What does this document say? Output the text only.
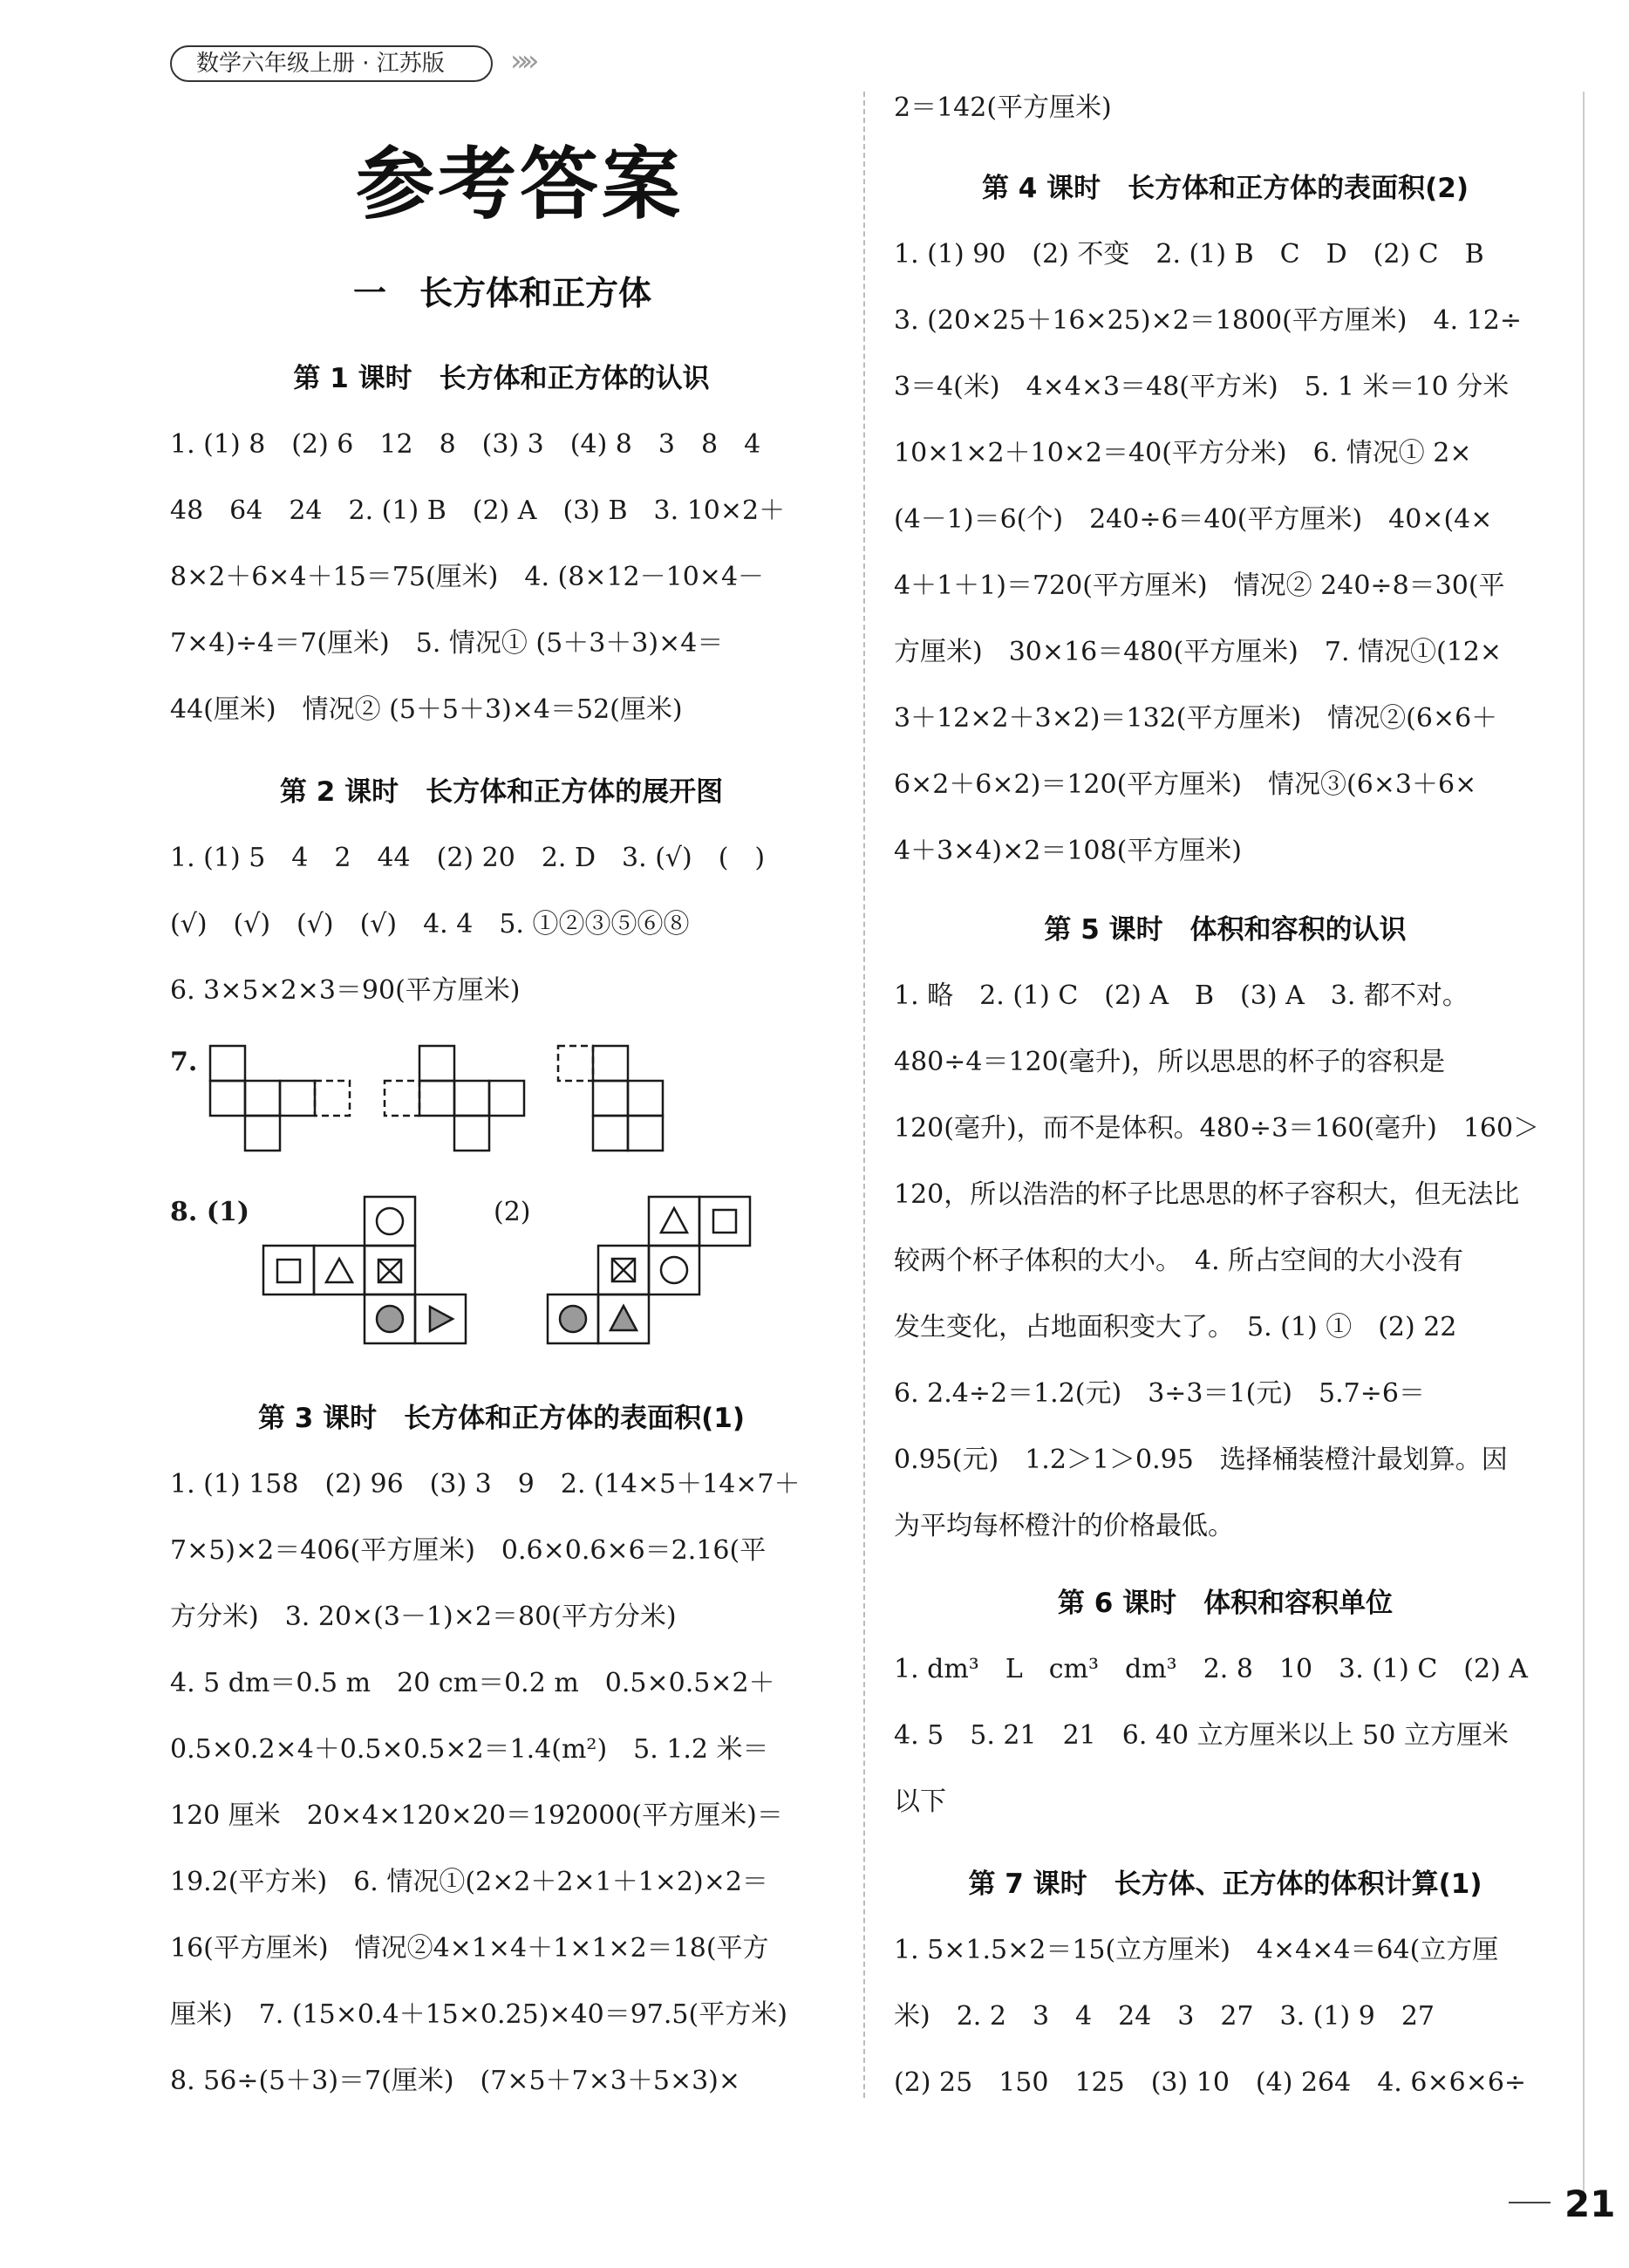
数学六年级上册 · 江苏版	»»
参考答案
一　长方体和正方体
第 1 课时　长方体和正方体的认识
1. (1) 8　(2) 6　12　8　(3) 3　(4) 8　3　8　4
48　64　24　2. (1) B　(2) A　(3) B　3. 10×2＋
8×2＋6×4＋15＝75(厘米)　4. (8×12－10×4－
7×4)÷4＝7(厘米)　5. 情况① (5＋3＋3)×4＝
44(厘米)　情况② (5＋5＋3)×4＝52(厘米)
第 2 课时　长方体和正方体的展开图
1. (1) 5　4　2　44　(2) 20　2. D　3. (√)　(　)
(√)　(√)　(√)　(√)　4. 4　5. ①②③⑤⑥⑧
6. 3×5×2×3＝90(平方厘米)
7.
8. (1)	(2)
第 3 课时　长方体和正方体的表面积(1)
1. (1) 158　(2) 96　(3) 3　9　2. (14×5＋14×7＋
7×5)×2＝406(平方厘米)　0.6×0.6×6＝2.16(平
方分米)　3. 20×(3－1)×2＝80(平方分米)
4. 5 dm＝0.5 m　20 cm＝0.2 m　0.5×0.5×2＋
0.5×0.2×4＋0.5×0.5×2＝1.4(m²)　5. 1.2 米＝
120 厘米　20×4×120×20＝192000(平方厘米)＝
19.2(平方米)　6. 情况①(2×2＋2×1＋1×2)×2＝
16(平方厘米)　情况②4×1×4＋1×1×2＝18(平方
厘米)　7. (15×0.4＋15×0.25)×40＝97.5(平方米)
8. 56÷(5＋3)＝7(厘米)　(7×5＋7×3＋5×3)×
2＝142(平方厘米)
第 4 课时　长方体和正方体的表面积(2)
1. (1) 90　(2) 不变　2. (1) B　C　D　(2) C　B
3. (20×25＋16×25)×2＝1800(平方厘米)　4. 12÷
3＝4(米)　4×4×3＝48(平方米)　5. 1 米＝10 分米
10×1×2＋10×2＝40(平方分米)　6. 情况① 2×
(4－1)＝6(个)　240÷6＝40(平方厘米)　40×(4×
4＋1＋1)＝720(平方厘米)　情况② 240÷8＝30(平
方厘米)　30×16＝480(平方厘米)　7. 情况①(12×
3＋12×2＋3×2)＝132(平方厘米)　情况②(6×6＋
6×2＋6×2)＝120(平方厘米)　情况③(6×3＋6×
4＋3×4)×2＝108(平方厘米)
第 5 课时　体积和容积的认识
1. 略　2. (1) C　(2) A　B　(3) A　3. 都不对。
480÷4＝120(毫升)，所以思思的杯子的容积是
120(毫升)，而不是体积。480÷3＝160(毫升)　160＞
120，所以浩浩的杯子比思思的杯子容积大，但无法比
较两个杯子体积的大小。　4. 所占空间的大小没有
发生变化，占地面积变大了。　5. (1) ①　(2) 22
6. 2.4÷2＝1.2(元)　3÷3＝1(元)　5.7÷6＝
0.95(元)　1.2＞1＞0.95　选择桶装橙汁最划算。因
为平均每杯橙汁的价格最低。
第 6 课时　体积和容积单位
1. dm³　L　cm³　dm³　2. 8　10　3. (1) C　(2) A
4. 5　5. 21　21　6. 40 立方厘米以上 50 立方厘米
以下
第 7 课时　长方体、正方体的体积计算(1)
1. 5×1.5×2＝15(立方厘米)　4×4×4＝64(立方厘
米)　2. 2　3　4　24　3　27　3. (1) 9　27
(2) 25　150　125　(3) 10　(4) 264　4. 6×6×6÷
21
